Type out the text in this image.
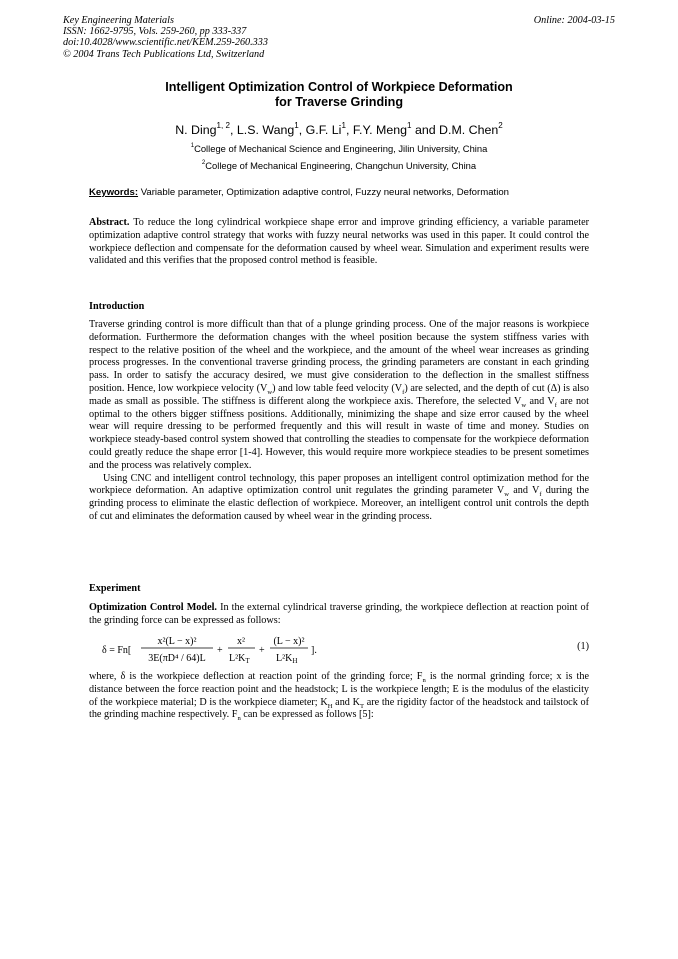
Key Engineering Materials
ISSN: 1662-9795, Vols. 259-260, pp 333-337
doi:10.4028/www.scientific.net/KEM.259-260.333
© 2004 Trans Tech Publications Ltd, Switzerland
Online: 2004-03-15
Intelligent Optimization Control of Workpiece Deformation
for Traverse Grinding
N. Ding$^{1, 2}$, L.S. Wang$^1$, G.F. Li$^1$, F.Y. Meng$^1$ and D.M. Chen$^2$
$^1$College of Mechanical Science and Engineering, Jilin University, China
$^2$College of Mechanical Engineering, Changchun University, China
Keywords: Variable parameter, Optimization adaptive control, Fuzzy neural networks, Deformation

Abstract. To reduce the long cylindrical workpiece shape error and improve grinding efficiency, a variable parameter optimization adaptive control strategy that works with fuzzy neural networks was used in this paper. It could control the workpiece deflection and compensate for the deformation caused by wheel wear. Simulation and experiment results were validated and this verifies that the proposed control method is feasible.

Introduction

Traverse grinding control is more difficult than that of a plunge grinding process. One of the major reasons is workpiece deformation. Furthermore the deformation changes with the wheel position because the system stiffness varies with respect to the relative position of the wheel and the workpiece, and the amount of the wheel wear increases as grinding process progresses. In the conventional traverse grinding process, the grinding parameters are constant in each grinding pass. In order to satisfy the accuracy desired, we must give consideration to the deflection in the smallest stiffness position. Hence, low workpiece velocity $(V_w)$ and low table feed velocity $(V_f)$ are selected, and the depth of cut (Δ) is also made as small as possible. The stiffness is different along the workpiece axis. Therefore, the selected $V_w$ and $V_f$ are not optimal to the others bigger stiffness positions. Additionally, minimizing the shape and size error caused by the wheel wear will require dressing to be performed frequently and this will result in waste of time and money. Studies on workpiece steady-based control system showed that controlling the steadies to compensate for the workpiece deformation could greatly reduce the shape error [1-4]. However, this would require more workpiece steadies to be present sometimes and the process was relatively complex.

Using CNC and intelligent control technology, this paper proposes an intelligent control optimization method for the workpiece deformation. An adaptive optimization control unit regulates the grinding parameter $V_w$ and $V_f$ during the grinding process to eliminate the elastic deflection of workpiece. Moreover, an intelligent control unit controls the depth of cut and eliminates the deformation caused by wheel wear in the grinding process.

Experiment

Optimization Control Model. In the external cylindrical traverse grinding, the workpiece deflection at reaction point of the grinding force can be expressed as follows:

δ = Fn[
x²(L − x)²
3E(πD⁴ / 64)L
+
x²
$L^2K_T$
+
(L − x)²
$L^2K_H$
].	(1)

where, δ is the workpiece deflection at reaction point of the grinding force; $F_n$ is the normal grinding force; x is the distance between the force reaction point and the headstock; L is the workpiece length; E is the modulus of the elasticity of the workpiece material; D is the workpiece diameter; $K_H$ and $K_T$ are the rigidity factor of the headstock and tailstock of the grinding machine respectively. $F_n$ can be expressed as follows [5]:
